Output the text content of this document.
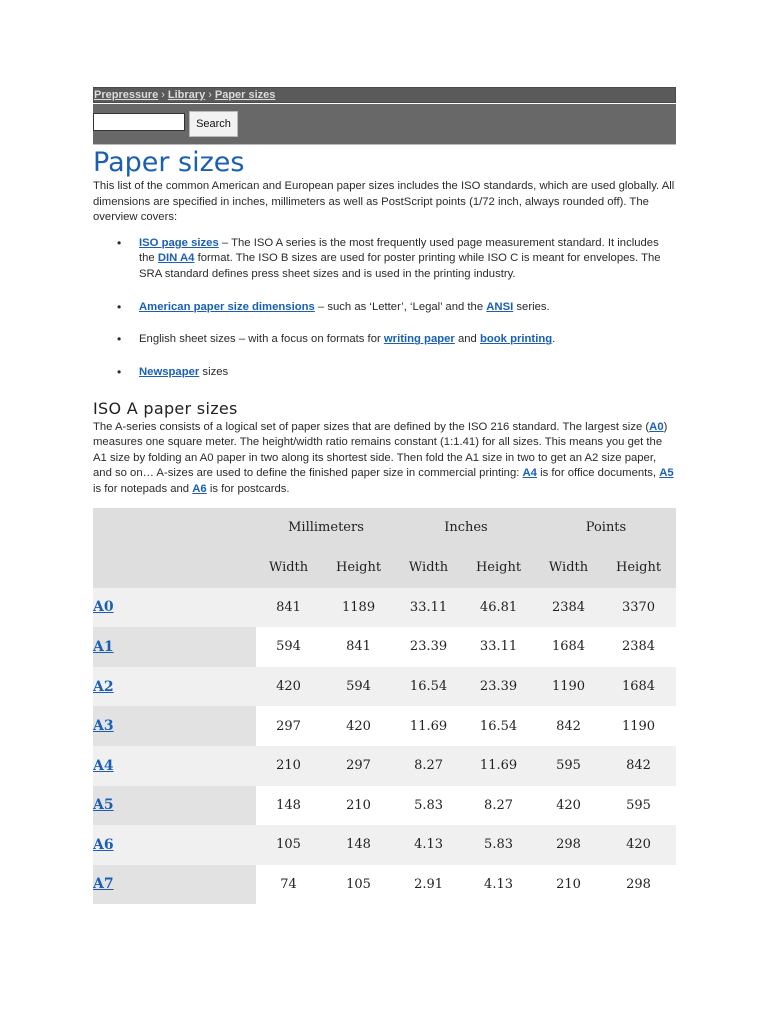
Prepressure › Library › Paper sizes
Search
Paper sizes

This list of the common American and European paper sizes includes the ISO standards, which are used globally. All dimensions are specified in inches, millimeters as well as PostScript points (1/72 inch, always rounded off). The overview covers:

• ISO page sizes – The ISO A series is the most frequently used page measurement standard. It includes the DIN A4 format. The ISO B sizes are used for poster printing while ISO C is meant for envelopes. The SRA standard defines press sheet sizes and is used in the printing industry.
• American paper size dimensions – such as ‘Letter’, ‘Legal’ and the ANSI series.
• English sheet sizes – with a focus on formats for writing paper and book printing.
• Newspaper sizes
ISO A paper sizes

The A-series consists of a logical set of paper sizes that are defined by the ISO 216 standard. The largest size (A0) measures one square meter. The height/width ratio remains constant (1:1.41) for all sizes. This means you get the A1 size by folding an A0 paper in two along its shortest side. Then fold the A1 size in two to get an A2 size paper, and so on… A-sizes are used to define the finished paper size in commercial printing: A4 is for office documents, A5 is for notepads and A6 is for postcards.

	Millimeters		Inches		Points	
	Width	Height	Width	Height	Width	Height
A0	841	1189	33.11	46.81	2384	3370
A1	594	841	23.39	33.11	1684	2384
A2	420	594	16.54	23.39	1190	1684
A3	297	420	11.69	16.54	842	1190
A4	210	297	8.27	11.69	595	842
A5	148	210	5.83	8.27	420	595
A6	105	148	4.13	5.83	298	420
A7	74	105	2.91	4.13	210	298
